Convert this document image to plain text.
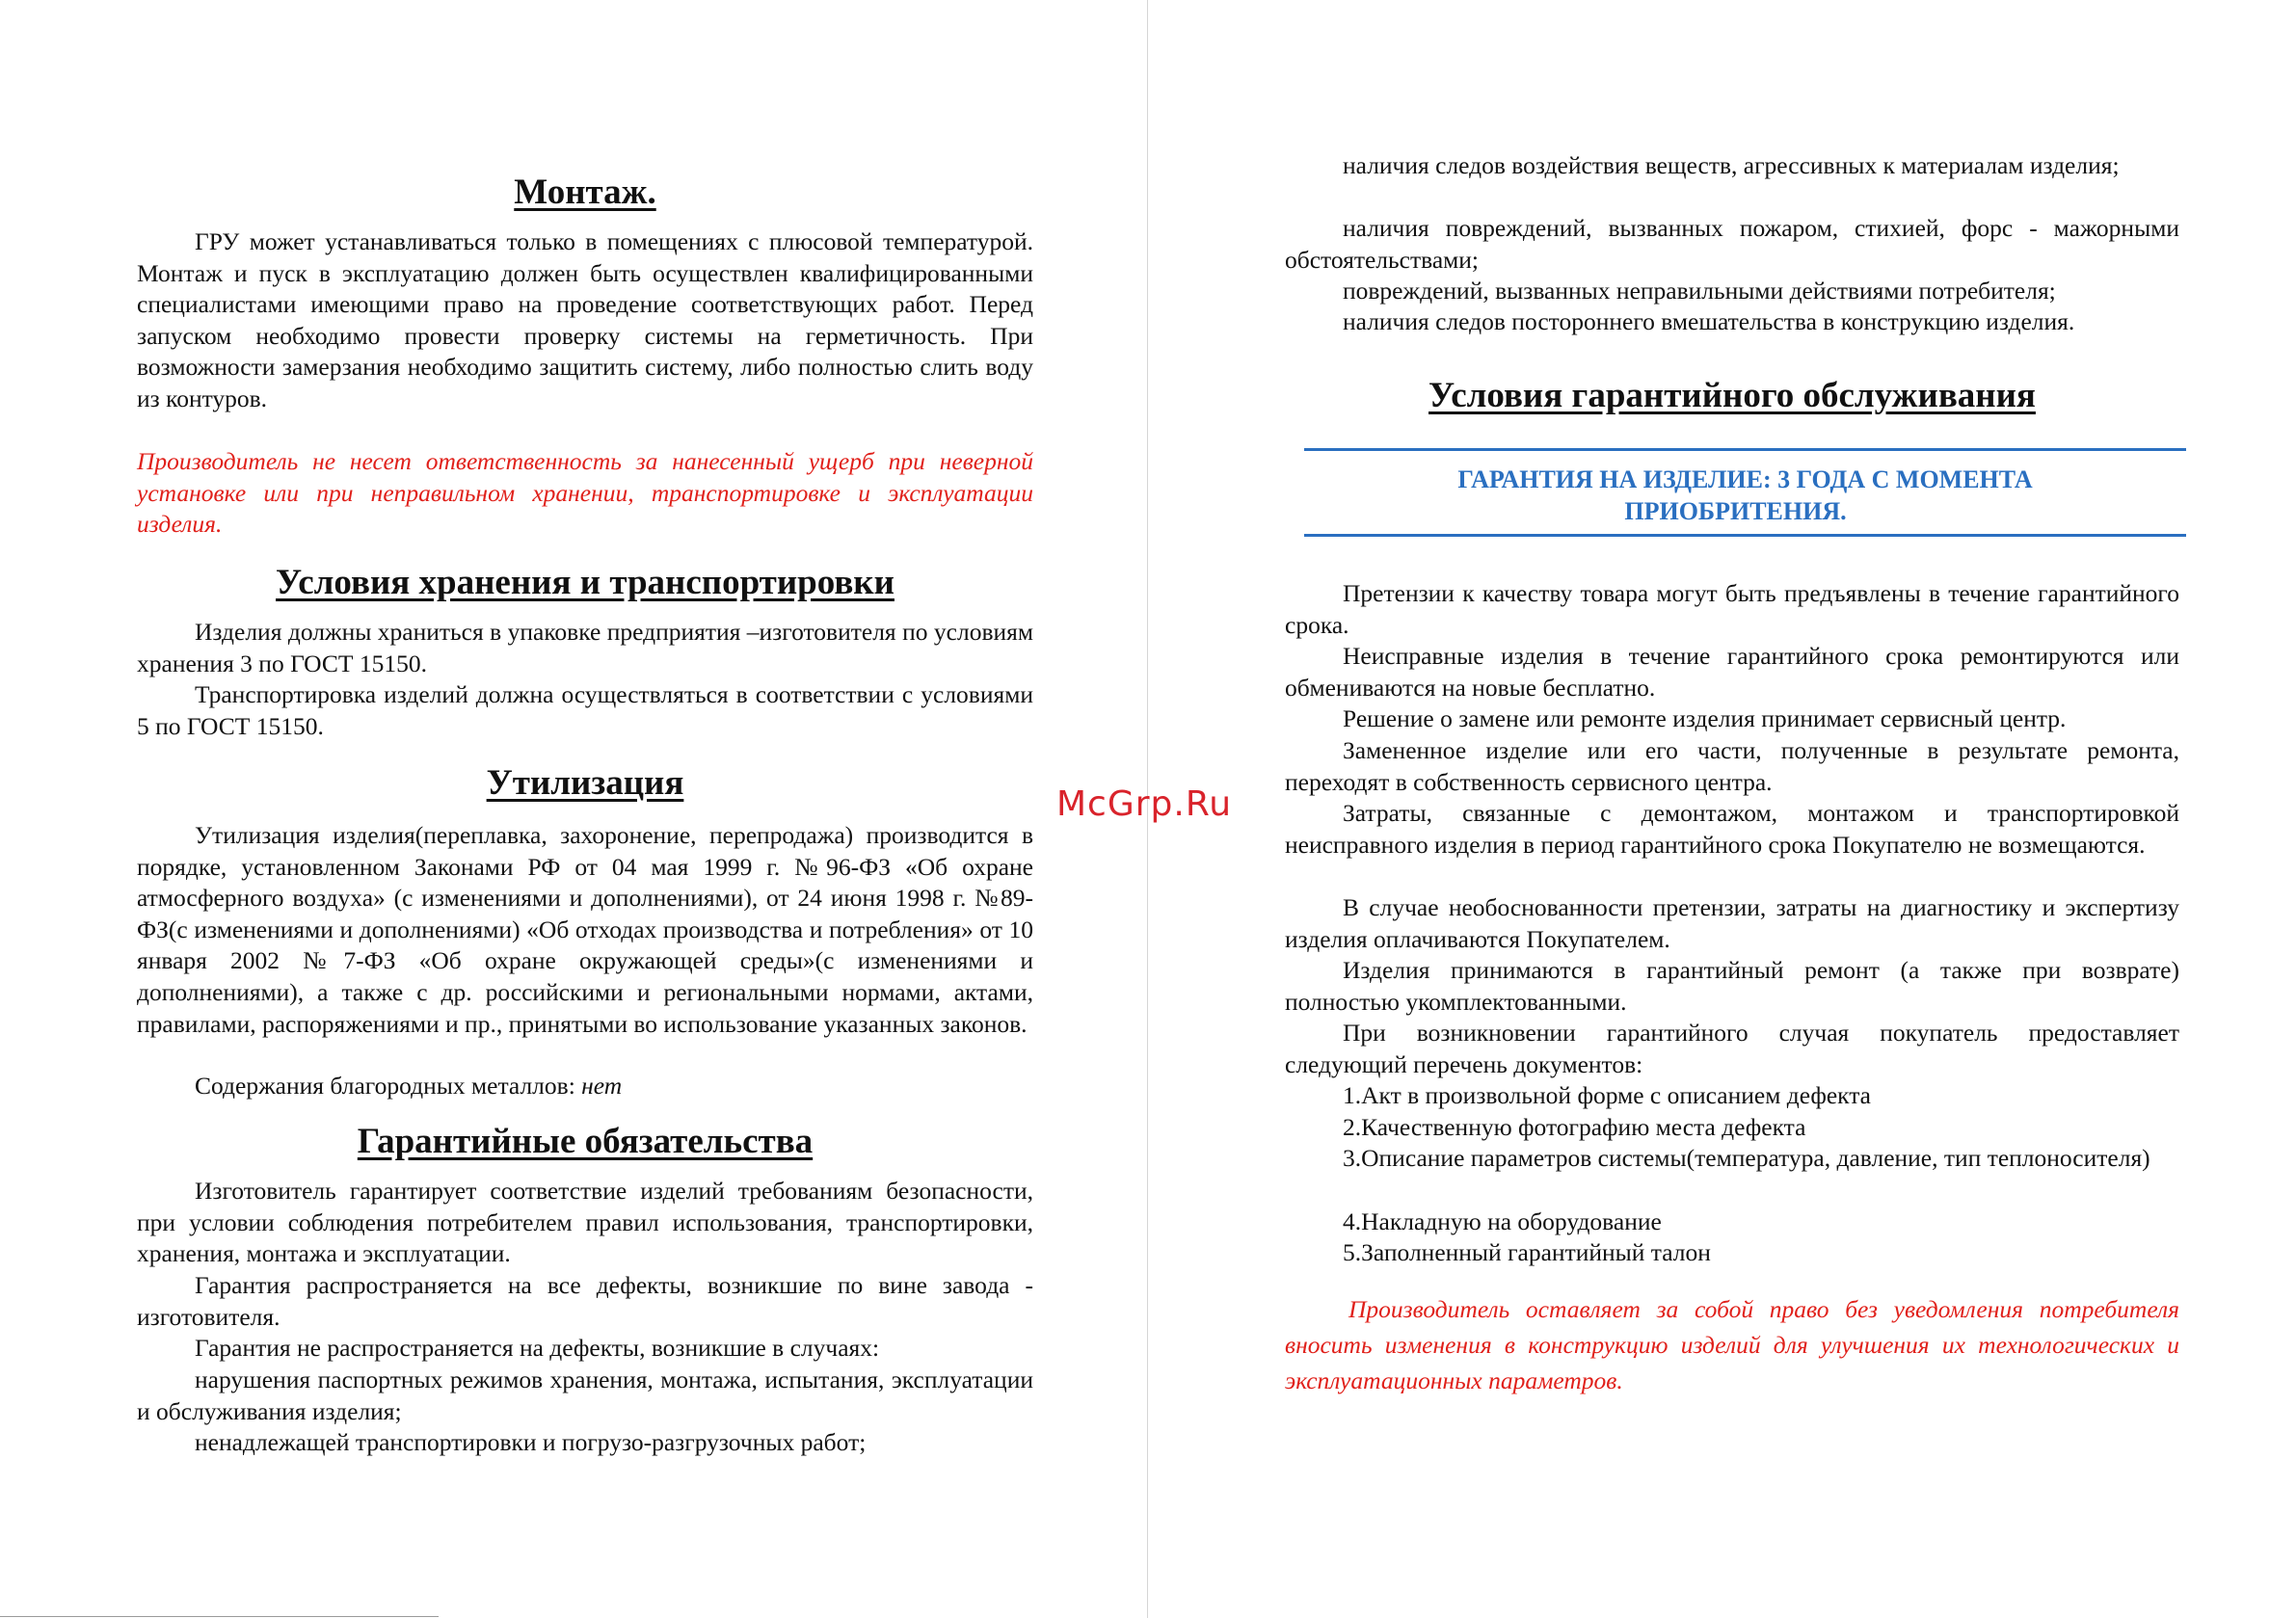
Монтаж.

ГРУ может устанавливаться только в помещениях с плюсовой температурой. Монтаж и пуск в эксплуатацию должен быть осуществлен квалифицированными специалистами имеющими право на проведение соответствующих работ. Перед запуском необходимо провести проверку системы на герметичность. При возможности замерзания необходимо защитить систему, либо полностью слить воду из контуров.

Производитель не несет ответственность за нанесенный ущерб при неверной установке или при неправильном хранении, транспортировке и эксплуатации изделия.

Условия хранения и транспортировки

Изделия должны храниться в упаковке предприятия –изготовителя по условиям хранения 3 по ГОСТ 15150.

Транспортировка изделий должна осуществляться в соответствии с условиями 5 по ГОСТ 15150.

Утилизация

Утилизация изделия(переплавка, захоронение, перепродажа) производится в порядке, установленном Законами РФ от 04 мая 1999 г. №96-ФЗ «Об охране атмосферного воздуха» (с изменениями и дополнениями), от 24 июня 1998 г. №89-ФЗ(с изменениями и дополнениями) «Об отходах производства и потребления» от 10 января 2002 №7-ФЗ «Об охране окружающей среды»(с изменениями и дополнениями), а также с др. российскими и региональными нормами, актами, правилами, распоряжениями и пр., принятыми во использование указанных законов.

Содержания благородных металлов: нет

Гарантийные обязательства

Изготовитель гарантирует соответствие изделий требованиям безопасности, при условии соблюдения потребителем правил использования, транспортировки, хранения, монтажа и эксплуатации.

Гарантия распространяется на все дефекты, возникшие по вине завода - изготовителя.

Гарантия не распространяется на дефекты, возникшие в случаях:

нарушения паспортных режимов хранения, монтажа, испытания, эксплуатации и обслуживания изделия;

ненадлежащей транспортировки и погрузо-разгрузочных работ;

наличия следов воздействия веществ, агрессивных к материалам изделия;

наличия повреждений, вызванных пожаром, стихией, форс - мажорными обстоятельствами;

повреждений, вызванных неправильными действиями потребителя;

наличия следов постороннего вмешательства в конструкцию изделия.

Условия гарантийного обслуживания
ГАРАНТИЯ НА ИЗДЕЛИЕ: 3 ГОДА С МОМЕНТА
ПРИОБРИТЕНИЯ.

Претензии к качеству товара могут быть предъявлены в течение гарантийного срока.

Неисправные изделия в течение гарантийного срока ремонтируются или обмениваются на новые бесплатно.

Решение о замене или ремонте изделия принимает сервисный центр.

Замененное изделие или его части, полученные в результате ремонта, переходят в собственность сервисного центра.

Затраты, связанные с демонтажом, монтажом и транспортировкой неисправного изделия в период гарантийного срока Покупателю не возмещаются.

В случае необоснованности претензии, затраты на диагностику и экспертизу изделия оплачиваются Покупателем.

Изделия принимаются в гарантийный ремонт (а также при возврате) полностью укомплектованными.

При возникновении гарантийного случая покупатель предоставляет следующий перечень документов:

1.Акт в произвольной форме с описанием дефекта

2.Качественную фотографию места дефекта

3.Описание параметров системы(температура, давление, тип теплоносителя)

4.Накладную на оборудование

5.Заполненный гарантийный талон

Производитель оставляет за собой право без уведомления потребителя вносить изменения в конструкцию изделий для улучшения их технологических и эксплуатационных параметров.

McGrp.Ru
